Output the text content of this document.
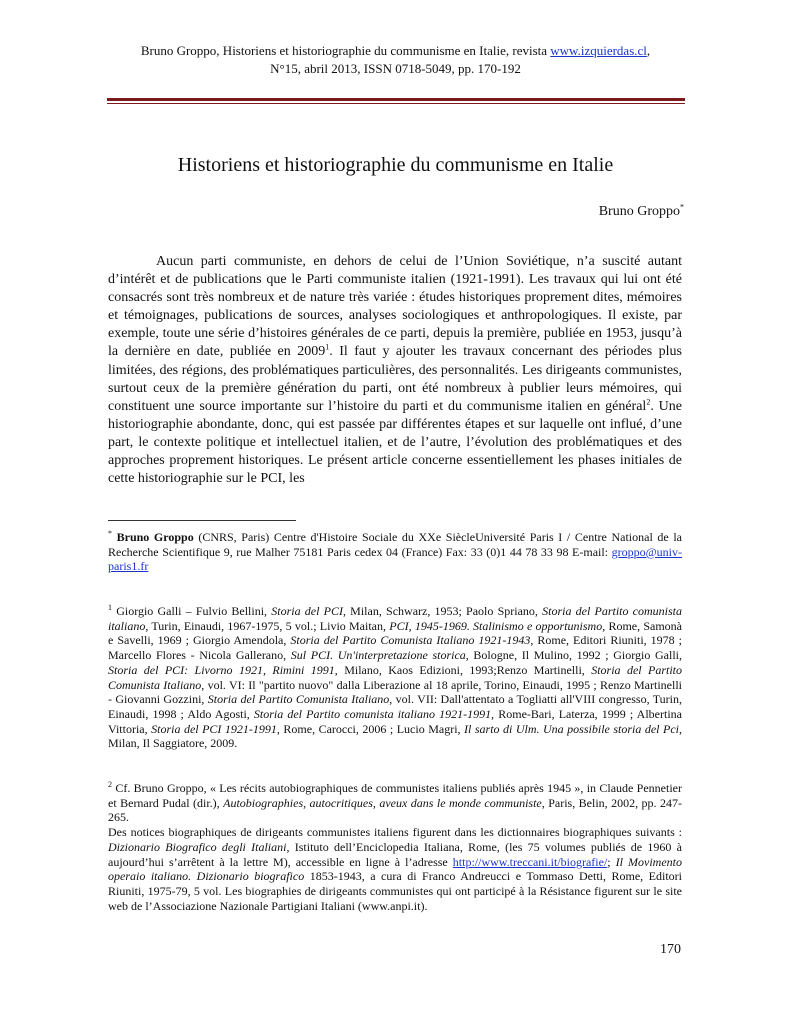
Bruno Groppo, Historiens et historiographie du communisme en Italie, revista www.izquierdas.cl,
N°15, abril 2013, ISSN 0718-5049, pp. 170-192
Historiens et historiographie du communisme en Italie
Bruno Groppo*

Aucun parti communiste, en dehors de celui de l’Union Soviétique, n’a suscité autant d’intérêt et de publications que le Parti communiste italien (1921-1991). Les travaux qui lui ont été consacrés sont très nombreux et de nature très variée : études historiques proprement dites, mémoires et témoignages, publications de sources, analyses sociologiques et anthropologiques. Il existe, par exemple, toute une série d’histoires générales de ce parti, depuis la première, publiée en 1953, jusqu’à la dernière en date, publiée en 2009$^1$. Il faut y ajouter les travaux concernant des périodes plus limitées, des régions, des problématiques particulières, des personnalités. Les dirigeants communistes, surtout ceux de la première génération du parti, ont été nombreux à publier leurs mémoires, qui constituent une source importante sur l’histoire du parti et du communisme italien en général$^2$. Une historiographie abondante, donc, qui est passée par différentes étapes et sur laquelle ont influé, d’une part, le contexte politique et intellectuel italien, et de l’autre, l’évolution des problématiques et des approches proprement historiques. Le présent article concerne essentiellement les phases initiales de cette historiographie sur le PCI, les

* Bruno Groppo (CNRS, Paris) Centre d'Histoire Sociale du XXe SiècleUniversité Paris I / Centre National de la Recherche Scientifique 9, rue Malher 75181 Paris cedex 04 (France) Fax: 33 (0)1 44 78 33 98 E-mail: groppo@univ-paris1.fr

$^1$ Giorgio Galli – Fulvio Bellini, Storia del PCI, Milan, Schwarz, 1953; Paolo Spriano, Storia del Partito comunista italiano, Turin, Einaudi, 1967-1975, 5 vol.; Livio Maitan, PCI, 1945-1969. Stalinismo e opportunismo, Rome, Samonà e Savelli, 1969 ; Giorgio Amendola, Storia del Partito Comunista Italiano 1921-1943, Rome, Editori Riuniti, 1978 ; Marcello Flores - Nicola Gallerano, Sul PCI. Un'interpretazione storica, Bologne, Il Mulino, 1992 ; Giorgio Galli, Storia del PCI: Livorno 1921, Rimini 1991, Milano, Kaos Edizioni, 1993;Renzo Martinelli, Storia del Partito Comunista Italiano, vol. VI: Il "partito nuovo" dalla Liberazione al 18 aprile, Torino, Einaudi, 1995 ; Renzo Martinelli - Giovanni Gozzini, Storia del Partito Comunista Italiano, vol. VII: Dall'attentato a Togliatti all'VIII congresso, Turin, Einaudi, 1998 ; Aldo Agosti, Storia del Partito comunista italiano 1921-1991, Rome-Bari, Laterza, 1999 ; Albertina Vittoria, Storia del PCI 1921-1991, Rome, Carocci, 2006 ; Lucio Magri, Il sarto di Ulm. Una possibile storia del Pci, Milan, Il Saggiatore, 2009.

$^2$ Cf. Bruno Groppo, « Les récits autobiographiques de communistes italiens publiés après 1945 », in Claude Pennetier et Bernard Pudal (dir.), Autobiographies, autocritiques, aveux dans le monde communiste, Paris, Belin, 2002, pp. 247-265.

Des notices biographiques de dirigeants communistes italiens figurent dans les dictionnaires biographiques suivants : Dizionario Biografico degli Italiani, Istituto dell’Enciclopedia Italiana, Rome, (les 75 volumes publiés de 1960 à aujourd’hui s’arrêtent à la lettre M), accessible en ligne à l’adresse http://www.treccani.it/biografie/; Il Movimento operaio italiano. Dizionario biografico 1853-1943, a cura di Franco Andreucci e Tommaso Detti, Rome, Editori Riuniti, 1975-79, 5 vol. Les biographies de dirigeants communistes qui ont participé à la Résistance figurent sur le site web de l’Associazione Nazionale Partigiani Italiani (www.anpi.it).

170
